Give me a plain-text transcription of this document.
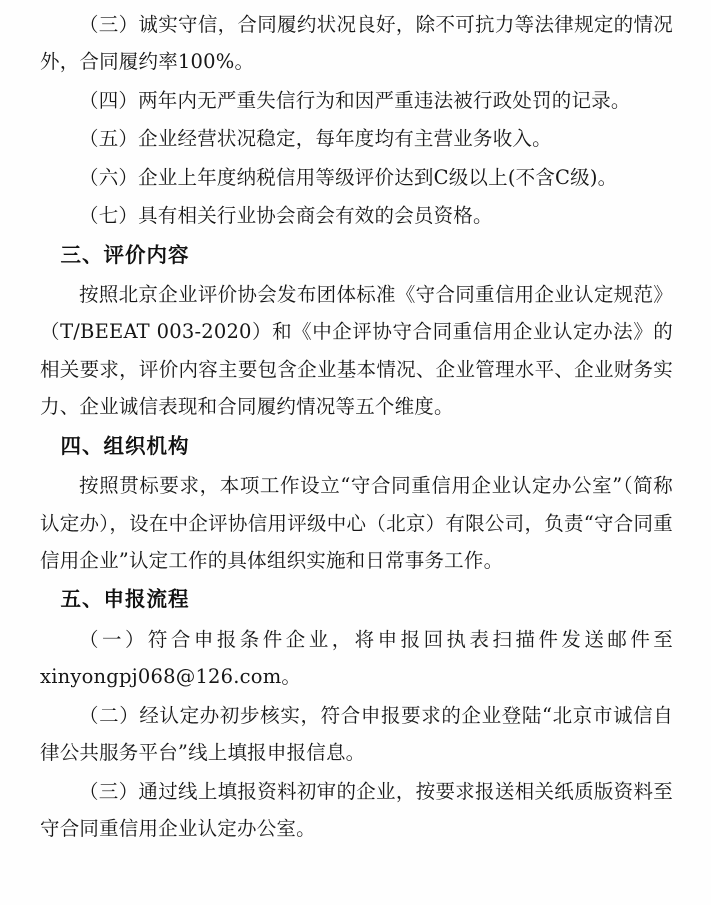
（三）诚实守信，合同履约状况良好，除不可抗力等法律规定的情况外，合同履约率100%。

（四）两年内无严重失信行为和因严重违法被行政处罚的记录。

（五）企业经营状况稳定，每年度均有主营业务收入。

（六）企业上年度纳税信用等级评价达到C级以上(不含C级)。

（七）具有相关行业协会商会有效的会员资格。

三、评价内容

按照北京企业评价协会发布团体标准《守合同重信用企业认定规范》（T/BEEAT 003-2020）和《中企评协守合同重信用企业认定办法》的相关要求，评价内容主要包含企业基本情况、企业管理水平、企业财务实力、企业诚信表现和合同履约情况等五个维度。

四、组织机构

按照贯标要求，本项工作设立“守合同重信用企业认定办公室”（简称认定办），设在中企评协信用评级中心（北京）有限公司，负责“守合同重信用企业”认定工作的具体组织实施和日常事务工作。

五、申报流程

（一）符合申报条件企业，将申报回执表扫描件发送邮件至xinyongpj068@126.com。

（二）经认定办初步核实，符合申报要求的企业登陆“北京市诚信自律公共服务平台”线上填报申报信息。

（三）通过线上填报资料初审的企业，按要求报送相关纸质版资料至守合同重信用企业认定办公室。
